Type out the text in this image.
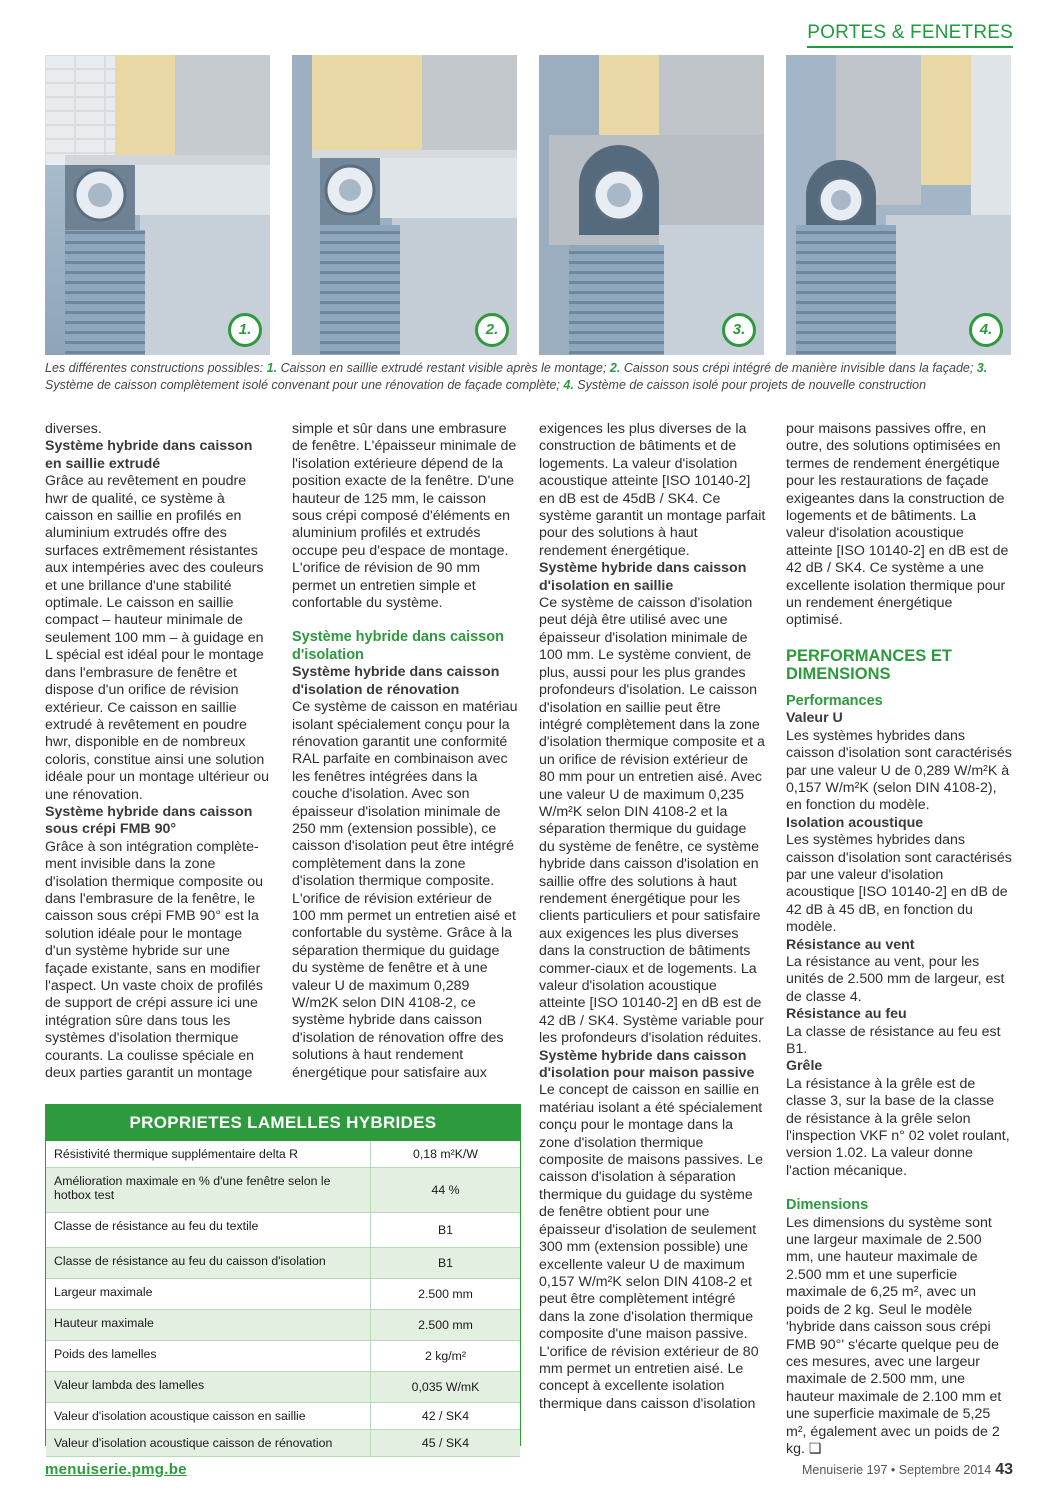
PORTES & FENETRES
1.	2.	3.	4.
Les différentes constructions possibles: 1. Caisson en saillie extrudé restant visible après le montage; 2. Caisson sous crépi intégré de manière invisible dans la façade; 3. Système de caisson complètement isolé convenant pour une rénovation de façade complète; 4. Système de caisson isolé pour projets de nouvelle construction

diverses.

Système hybride dans caisson en saillie extrudé

Grâce au revêtement en poudre hwr de qualité, ce système à caisson en saillie en profilés en aluminium extrudés offre des surfaces extrêmement résistantes aux intempéries avec des couleurs et une brillance d'une stabilité optimale. Le caisson en saillie compact – hauteur minimale de seulement 100 mm – à guidage en L spécial est idéal pour le montage dans l'embrasure de fenêtre et dispose d'un orifice de révision extérieur. Ce caisson en saillie extrudé à revêtement en poudre hwr, disponible en de nombreux coloris, constitue ainsi une solution idéale pour un montage ultérieur ou une rénovation.

Système hybride dans caisson sous crépi FMB 90°

Grâce à son intégration complète-ment invisible dans la zone d'isolation thermique composite ou dans l'embrasure de la fenêtre, le caisson sous crépi FMB 90° est la solution idéale pour le montage d'un système hybride sur une façade existante, sans en modifier l'aspect. Un vaste choix de profilés de support de crépi assure ici une intégration sûre dans tous les systèmes d'isolation thermique courants. La coulisse spéciale en deux parties garantit un montage

simple et sûr dans une embrasure de fenêtre. L'épaisseur minimale de l'isolation extérieure dépend de la position exacte de la fenêtre. D'une hauteur de 125 mm, le caisson sous crépi composé d'éléments en aluminium profilés et extrudés occupe peu d'espace de montage. L'orifice de révision de 90 mm permet un entretien simple et confortable du système.

Système hybride dans caisson d'isolation

Système hybride dans caisson d'isolation de rénovation

Ce système de caisson en matériau isolant spécialement conçu pour la rénovation garantit une conformité RAL parfaite en combinaison avec les fenêtres intégrées dans la couche d'isolation. Avec son épaisseur d'isolation minimale de 250 mm (extension possible), ce caisson d'isolation peut être intégré complètement dans la zone d'isolation thermique composite. L'orifice de révision extérieur de 100 mm permet un entretien aisé et confortable du système. Grâce à la séparation thermique du guidage du système de fenêtre et à une valeur U de maximum 0,289 W/m2K selon DIN 4108-2, ce système hybride dans caisson d'isolation de rénovation offre des solutions à haut rendement énergétique pour satisfaire aux

exigences les plus diverses de la construction de bâtiments et de logements. La valeur d'isolation acoustique atteinte [ISO 10140-2] en dB est de 45dB / SK4. Ce système garantit un montage parfait pour des solutions à haut rendement énergétique.

Système hybride dans caisson d'isolation en saillie

Ce système de caisson d'isolation peut déjà être utilisé avec une épaisseur d'isolation minimale de 100 mm. Le système convient, de plus, aussi pour les plus grandes profondeurs d'isolation. Le caisson d'isolation en saillie peut être intégré complètement dans la zone d'isolation thermique composite et a un orifice de révision extérieur de 80 mm pour un entretien aisé. Avec une valeur U de maximum 0,235 W/m²K selon DIN 4108-2 et la séparation thermique du guidage du système de fenêtre, ce système hybride dans caisson d'isolation en saillie offre des solutions à haut rendement énergétique pour les clients particuliers et pour satisfaire aux exigences les plus diverses dans la construction de bâtiments commer-ciaux et de logements. La valeur d'isolation acoustique atteinte [ISO 10140-2] en dB est de 42 dB / SK4. Système variable pour les profondeurs d'isolation réduites.

Système hybride dans caisson d'isolation pour maison passive

Le concept de caisson en saillie en matériau isolant a été spécialement conçu pour le montage dans la zone d'isolation thermique composite de maisons passives. Le caisson d'isolation à séparation thermique du guidage du système de fenêtre obtient pour une épaisseur d'isolation de seulement 300 mm (extension possible) une excellente valeur U de maximum 0,157 W/m²K selon DIN 4108-2 et peut être complètement intégré dans la zone d'isolation thermique composite d'une maison passive. L'orifice de révision extérieur de 80 mm permet un entretien aisé. Le concept à excellente isolation thermique dans caisson d'isolation

pour maisons passives offre, en outre, des solutions optimisées en termes de rendement énergétique pour les restaurations de façade exigeantes dans la construction de logements et de bâtiments. La valeur d'isolation acoustique atteinte [ISO 10140-2] en dB est de 42 dB / SK4. Ce système a une excellente isolation thermique pour un rendement énergétique optimisé.

PERFORMANCES ET DIMENSIONS

Performances

Valeur U

Les systèmes hybrides dans caisson d'isolation sont caractérisés par une valeur U de 0,289 W/m²K à 0,157 W/m²K (selon DIN 4108-2), en fonction du modèle.

Isolation acoustique

Les systèmes hybrides dans caisson d'isolation sont caractérisés par une valeur d'isolation acoustique [ISO 10140-2] en dB de 42 dB à 45 dB, en fonction du modèle.

Résistance au vent

La résistance au vent, pour les unités de 2.500 mm de largeur, est de classe 4.

Résistance au feu

La classe de résistance au feu est B1.

Grêle

La résistance à la grêle est de classe 3, sur la base de la classe de résistance à la grêle selon l'inspection VKF n° 02 volet roulant, version 1.02. La valeur donne l'action mécanique.

Dimensions

Les dimensions du système sont une largeur maximale de 2.500 mm, une hauteur maximale de 2.500 mm et une superficie maximale de 6,25 m², avec un poids de 2 kg. Seul le modèle 'hybride dans caisson sous crépi FMB 90°' s'écarte quelque peu de ces mesures, avec une largeur maximale de 2.500 mm, une hauteur maximale de 2.100 mm et une superficie maximale de 5,25 m², également avec un poids de 2 kg. ❑

PROPRIETES LAMELLES HYBRIDES
Résistivité thermique supplémentaire delta R	0,18 m²K/W
Amélioration maximale en % d'une fenêtre selon le hotbox test	44 %
Classe de résistance au feu du textile	B1
Classe de résistance au feu du caisson d'isolation	B1
Largeur maximale	2.500 mm
Hauteur maximale	2.500 mm
Poids des lamelles	2 kg/m²
Valeur lambda des lamelles	0,035 W/mK
Valeur d'isolation acoustique caisson en saillie	42 / SK4
Valeur d'isolation acoustique caisson de rénovation	45 / SK4
menuiserie.pmg.be	Menuiserie 197 • Septembre 2014 43
